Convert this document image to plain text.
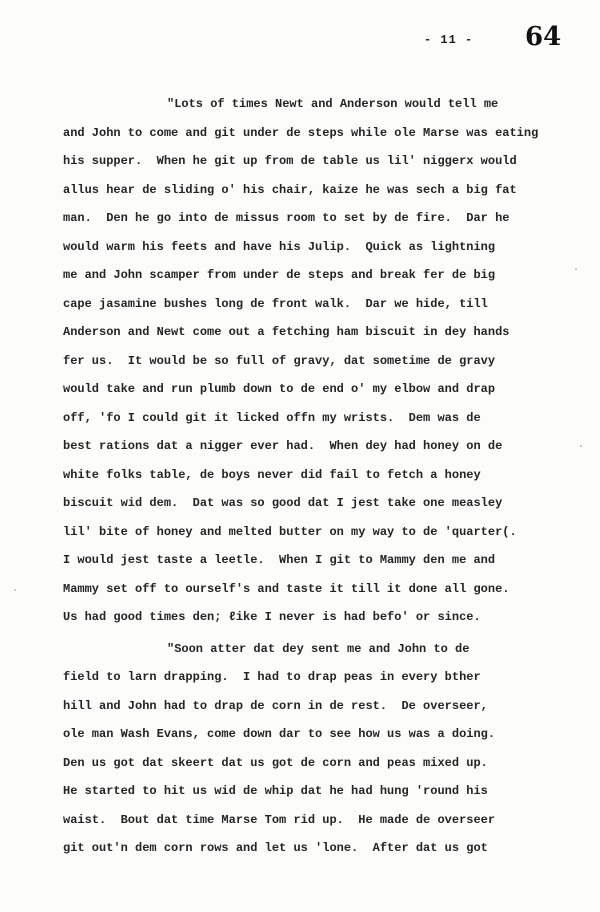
- 11 - 64
"Lots of times Newt and Anderson would tell me
and John to come and git under de steps while ole Marse was eating
his supper.  When he git up from de table us lil' niggerx would
allus hear de sliding o' his chair, kaize he was sech a big fat
man.  Den he go into de missus room to set by de fire.  Dar he
would warm his feets and have his Julip.  Quick as lightning
me and John scamper from under de steps and break fer de big
cape jasamine bushes long de front walk.  Dar we hide, till
Anderson and Newt come out a fetching ham biscuit in dey hands
fer us.  It would be so full of gravy, dat sometime de gravy
would take and run plumb down to de end o' my elbow and drap
off, 'fo I could git it licked offn my wrists.  Dem was de
best rations dat a nigger ever had.  When dey had honey on de
white folks table, de boys never did fail to fetch a honey
biscuit wid dem.  Dat was so good dat I jest take one measley
lil' bite of honey and melted butter on my way to de 'quarter(.
I would jest taste a leetle.  When I git to Mammy den me and
Mammy set off to ourself's and taste it till it done all gone.
Us had good times den; ℓike I never is had befo' or since.
"Soon atter dat dey sent me and John to de
field to larn drapping.  I had to drap peas in every bther
hill and John had to drap de corn in de rest.  De overseer,
ole man Wash Evans, come down dar to see how us was a doing.
Den us got dat skeert dat us got de corn and peas mixed up.
He started to hit us wid de whip dat he had hung 'round his
waist.  Bout dat time Marse Tom rid up.  He made de overseer
git out'n dem corn rows and let us 'lone.  After dat us got
